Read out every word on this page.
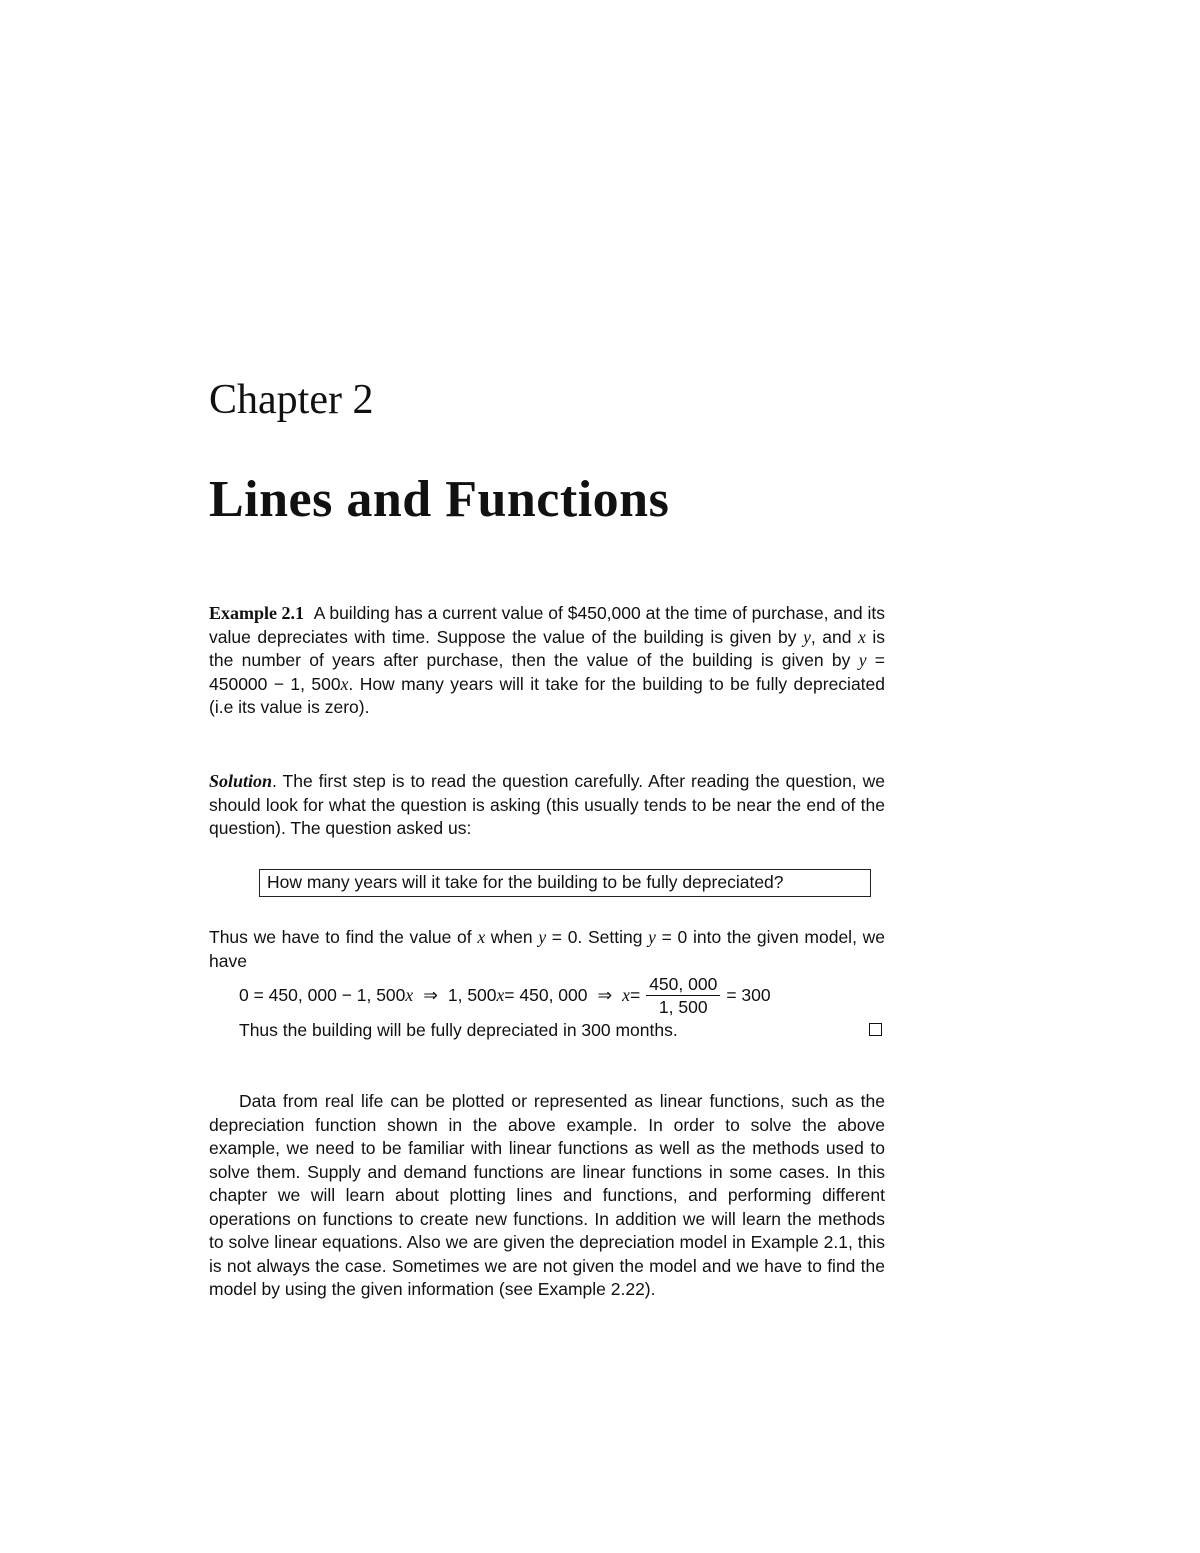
Chapter 2
Lines and Functions

Example 2.1 A building has a current value of $450,000 at the time of purchase, and its value depreciates with time. Suppose the value of the building is given by y, and x is the number of years after purchase, then the value of the building is given by y = 450000 − 1, 500x. How many years will it take for the building to be fully depreciated (i.e its value is zero).

Solution. The first step is to read the question carefully. After reading the question, we should look for what the question is asking (this usually tends to be near the end of the question). The question asked us:

How many years will it take for the building to be fully depreciated?

Thus we have to find the value of x when y = 0. Setting y = 0 into the given model, we have

0 = 450, 000 − 1, 500 x ⇒ 1, 500 x = 450, 000 ⇒ $x = \frac{450, 000}{1, 500} = 300$
Thus the building will be fully depreciated in 300 months.

Data from real life can be plotted or represented as linear functions, such as the depreciation function shown in the above example. In order to solve the above example, we need to be familiar with linear functions as well as the methods used to solve them. Supply and demand functions are linear functions in some cases. In this chapter we will learn about plotting lines and functions, and performing different operations on functions to create new functions. In addition we will learn the methods to solve linear equations. Also we are given the depreciation model in Example 2.1, this is not always the case. Sometimes we are not given the model and we have to find the model by using the given information (see Example 2.22).
